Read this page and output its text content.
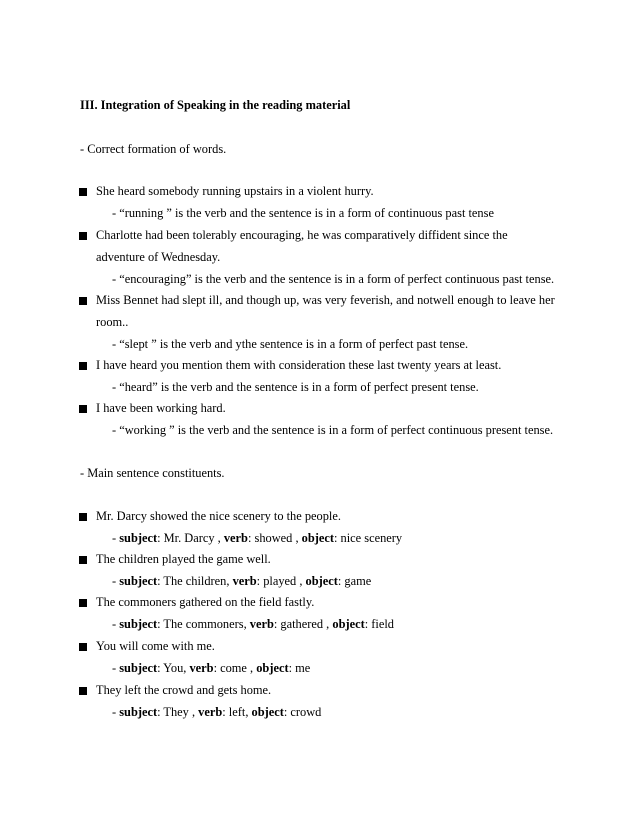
III. Integration of Speaking in the reading material
- Correct formation of words.
She heard somebody running upstairs in a violent hurry.
- “running ” is the verb and the sentence is in a form of continuous past tense
Charlotte had been tolerably encouraging, he was comparatively diffident since the
adventure of Wednesday.
- “encouraging” is the verb and the sentence is in a form of perfect continuous past tense.
Miss Bennet had slept ill, and though up, was very feverish, and notwell enough to leave her
room..
- “slept ” is the verb and ythe sentence is in a form of perfect past tense.
I have heard you mention them with consideration these last twenty years at least.
- “heard” is the verb and the sentence is in a form of perfect present tense.
I have been working hard.
- “working ” is the verb and the sentence is in a form of perfect continuous present tense.
- Main sentence constituents.
Mr. Darcy showed the nice scenery to the people.
- subject: Mr. Darcy , verb: showed , object: nice scenery
The children played the game well.
- subject: The children, verb: played , object: game
The commoners gathered on the field fastly.
- subject: The commoners, verb: gathered , object: field
You will come with me.
- subject: You, verb: come , object: me
They left the crowd and gets home.
- subject: They , verb: left, object: crowd
